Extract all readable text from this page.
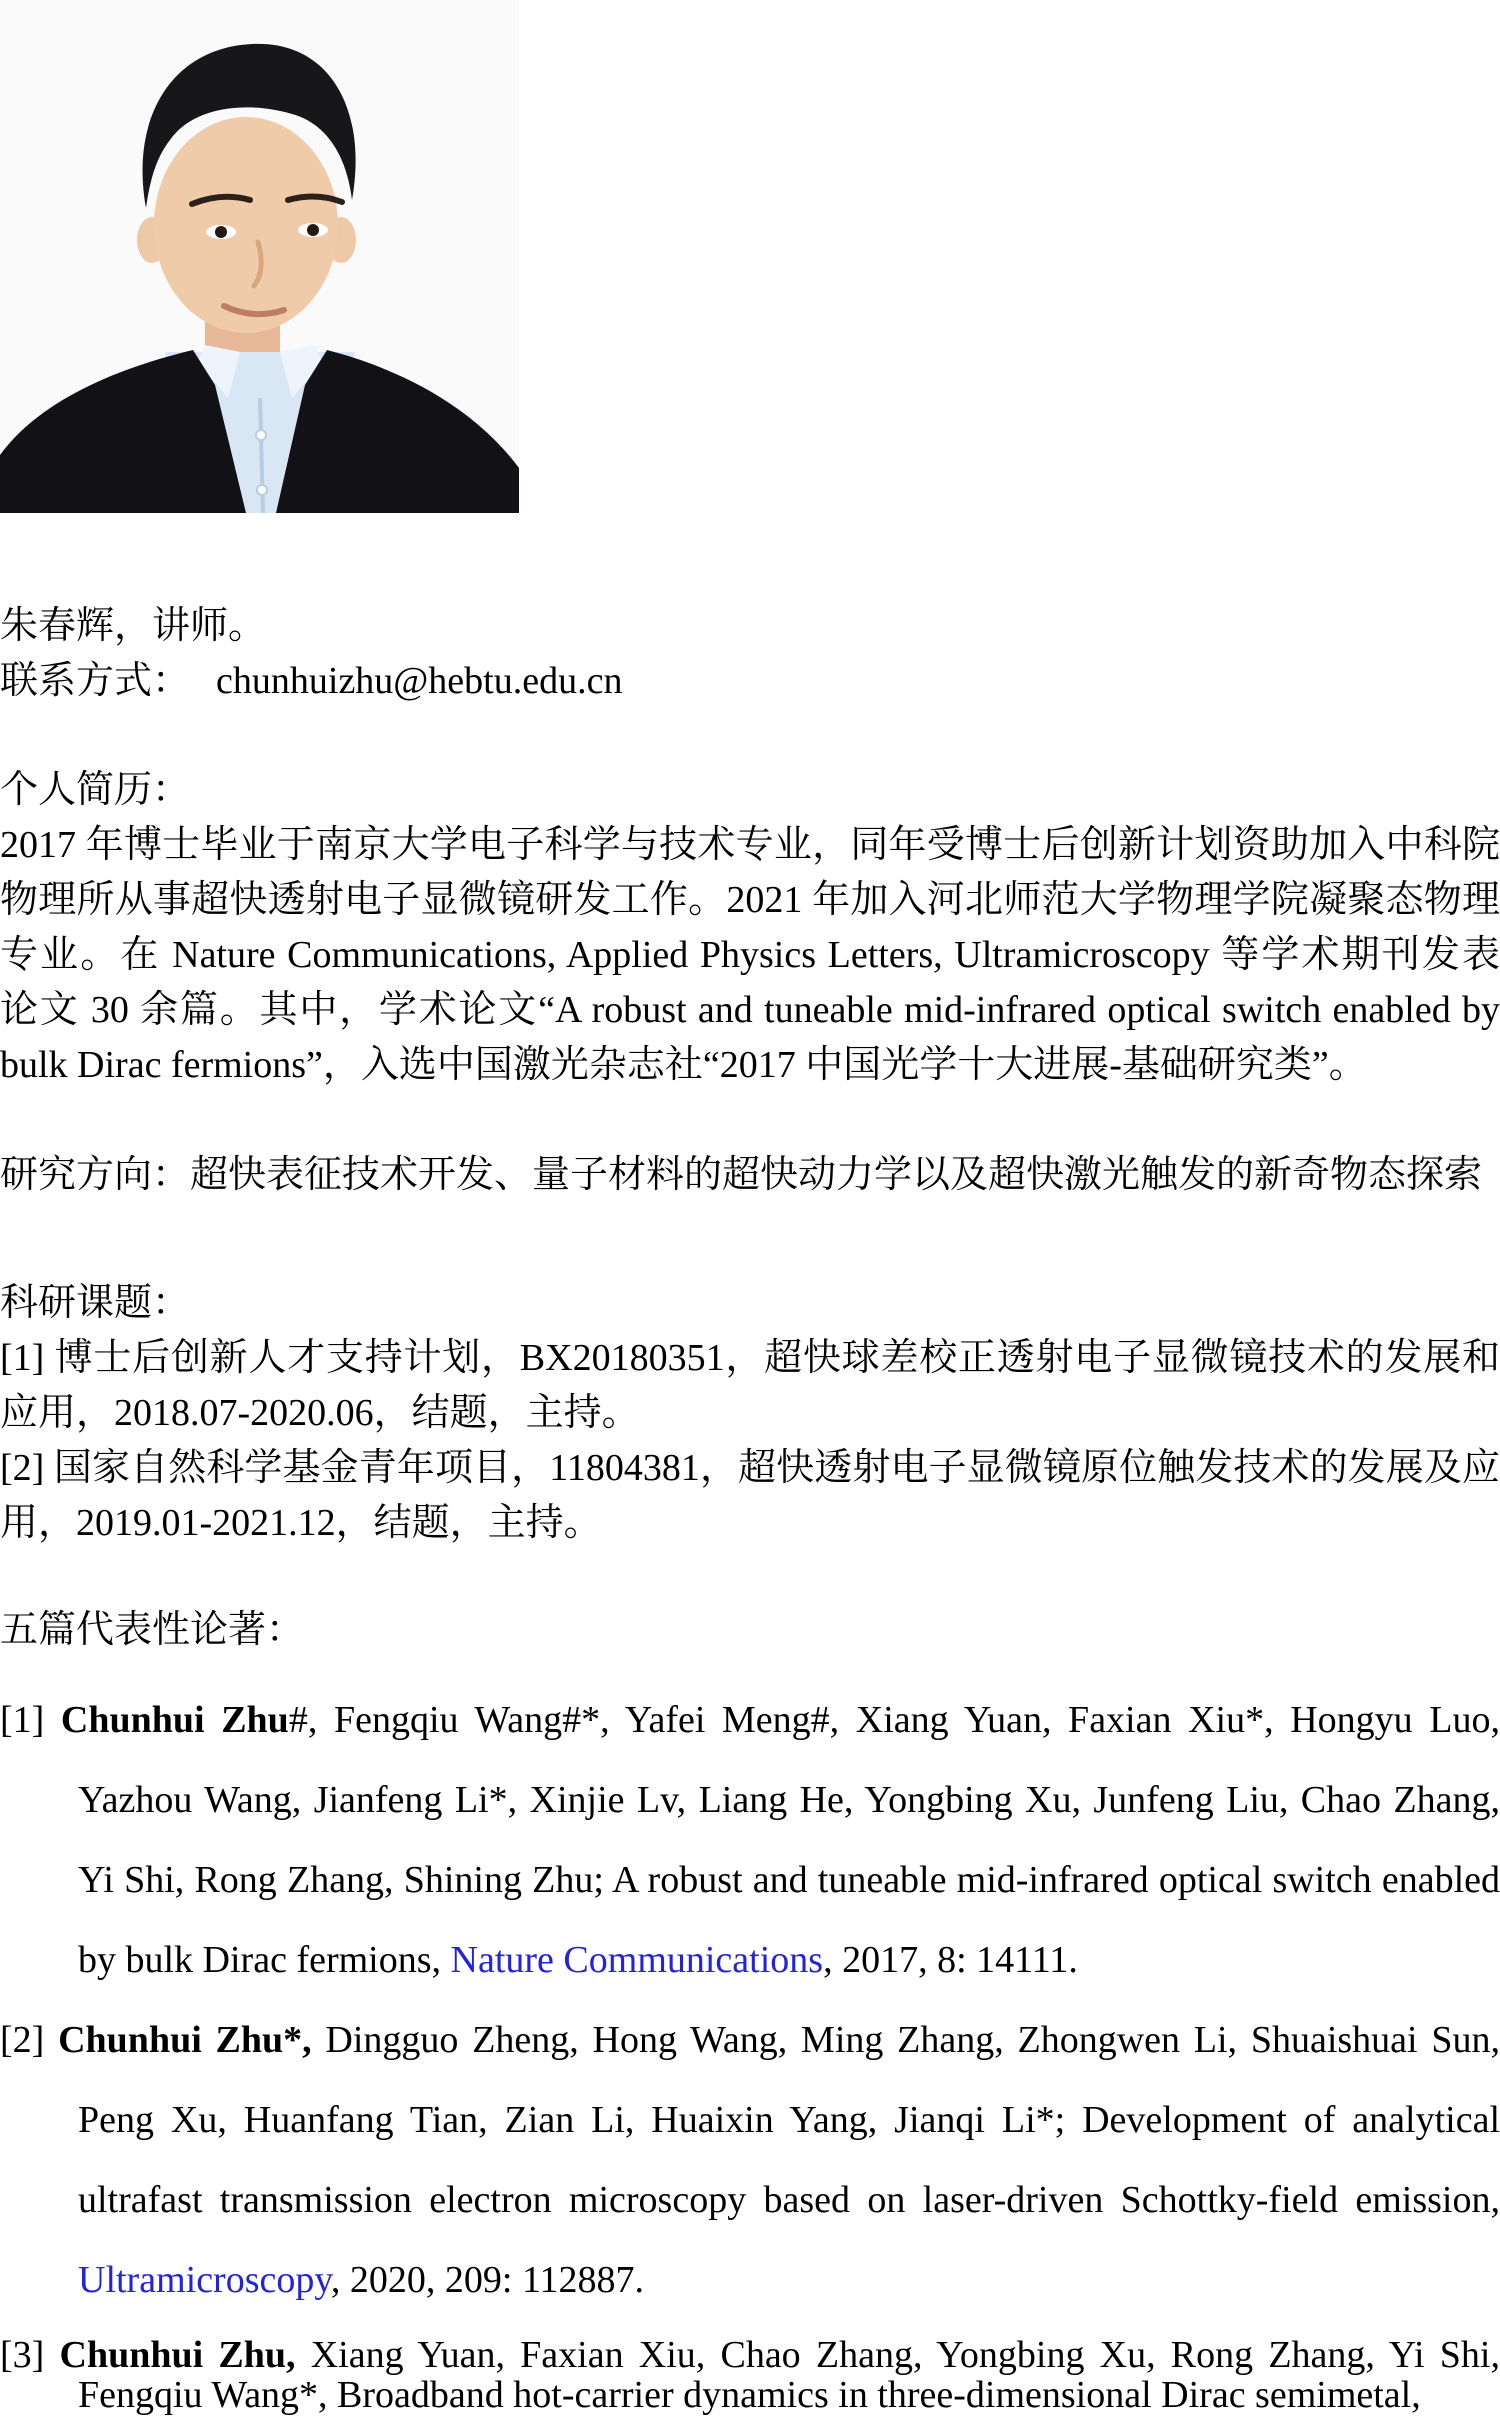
朱春辉，讲师。

联系方式： chunhuizhu@hebtu.edu.cn

个人简历：

2017 年博士毕业于南京大学电子科学与技术专业，同年受博士后创新计划资助加入中科院物理所从事超快透射电子显微镜研发工作。2021 年加入河北师范大学物理学院凝聚态物理专业。在 Nature Communications, Applied Physics Letters, Ultramicroscopy 等学术期刊发表论文 30 余篇。其中，学术论文“A robust and tuneable mid-infrared optical switch enabled by bulk Dirac fermions”，入选中国激光杂志社“2017 中国光学十大进展-基础研究类”。

研究方向：超快表征技术开发、量子材料的超快动力学以及超快激光触发的新奇物态探索

科研课题：

[1] 博士后创新人才支持计划，BX20180351，超快球差校正透射电子显微镜技术的发展和应用，2018.07-2020.06，结题，主持。

[2] 国家自然科学基金青年项目，11804381，超快透射电子显微镜原位触发技术的发展及应用，2019.01-2021.12，结题，主持。

五篇代表性论著：

[1] Chunhui Zhu#, Fengqiu Wang#*, Yafei Meng#, Xiang Yuan, Faxian Xiu*, Hongyu Luo, Yazhou Wang, Jianfeng Li*, Xinjie Lv, Liang He, Yongbing Xu, Junfeng Liu, Chao Zhang, Yi Shi, Rong Zhang, Shining Zhu; A robust and tuneable mid-infrared optical switch enabled by bulk Dirac fermions, Nature Communications, 2017, 8: 14111.
[2] Chunhui Zhu*, Dingguo Zheng, Hong Wang, Ming Zhang, Zhongwen Li, Shuaishuai Sun, Peng Xu, Huanfang Tian, Zian Li, Huaixin Yang, Jianqi Li*; Development of analytical ultrafast transmission electron microscopy based on laser-driven Schottky-field emission, Ultramicroscopy, 2020, 209: 112887.
[3] Chunhui Zhu, Xiang Yuan, Faxian Xiu, Chao Zhang, Yongbing Xu, Rong Zhang, Yi Shi, Fengqiu Wang*, Broadband hot-carrier dynamics in three-dimensional Dirac semimetal,
